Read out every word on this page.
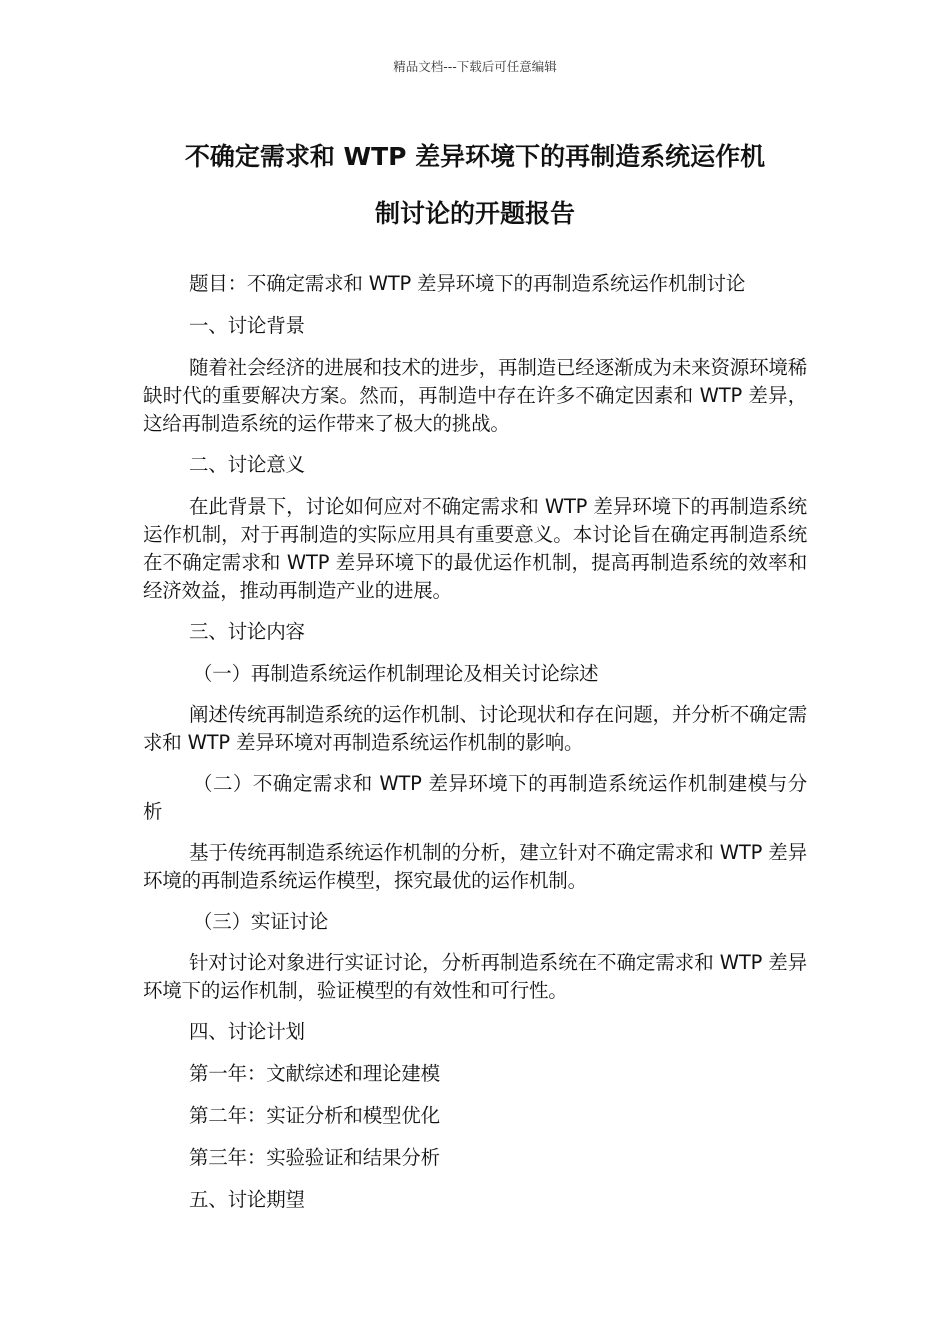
精品文档---下载后可任意编辑
不确定需求和 WTP 差异环境下的再制造系统运作机
制讨论的开题报告

题目：不确定需求和 WTP 差异环境下的再制造系统运作机制讨论

一、讨论背景

随着社会经济的进展和技术的进步，再制造已经逐渐成为未来资源环境稀缺时代的重要解决方案。然而，再制造中存在许多不确定因素和 WTP 差异，这给再制造系统的运作带来了极大的挑战。

二、讨论意义

在此背景下，讨论如何应对不确定需求和 WTP 差异环境下的再制造系统运作机制，对于再制造的实际应用具有重要意义。本讨论旨在确定再制造系统在不确定需求和 WTP 差异环境下的最优运作机制，提高再制造系统的效率和经济效益，推动再制造产业的进展。

三、讨论内容

（一）再制造系统运作机制理论及相关讨论综述

阐述传统再制造系统的运作机制、讨论现状和存在问题，并分析不确定需求和 WTP 差异环境对再制造系统运作机制的影响。

（二）不确定需求和 WTP 差异环境下的再制造系统运作机制建模与分析

基于传统再制造系统运作机制的分析，建立针对不确定需求和 WTP 差异环境的再制造系统运作模型，探究最优的运作机制。

（三）实证讨论

针对讨论对象进行实证讨论，分析再制造系统在不确定需求和 WTP 差异环境下的运作机制，验证模型的有效性和可行性。

四、讨论计划

第一年：文献综述和理论建模

第二年：实证分析和模型优化

第三年：实验验证和结果分析

五、讨论期望
